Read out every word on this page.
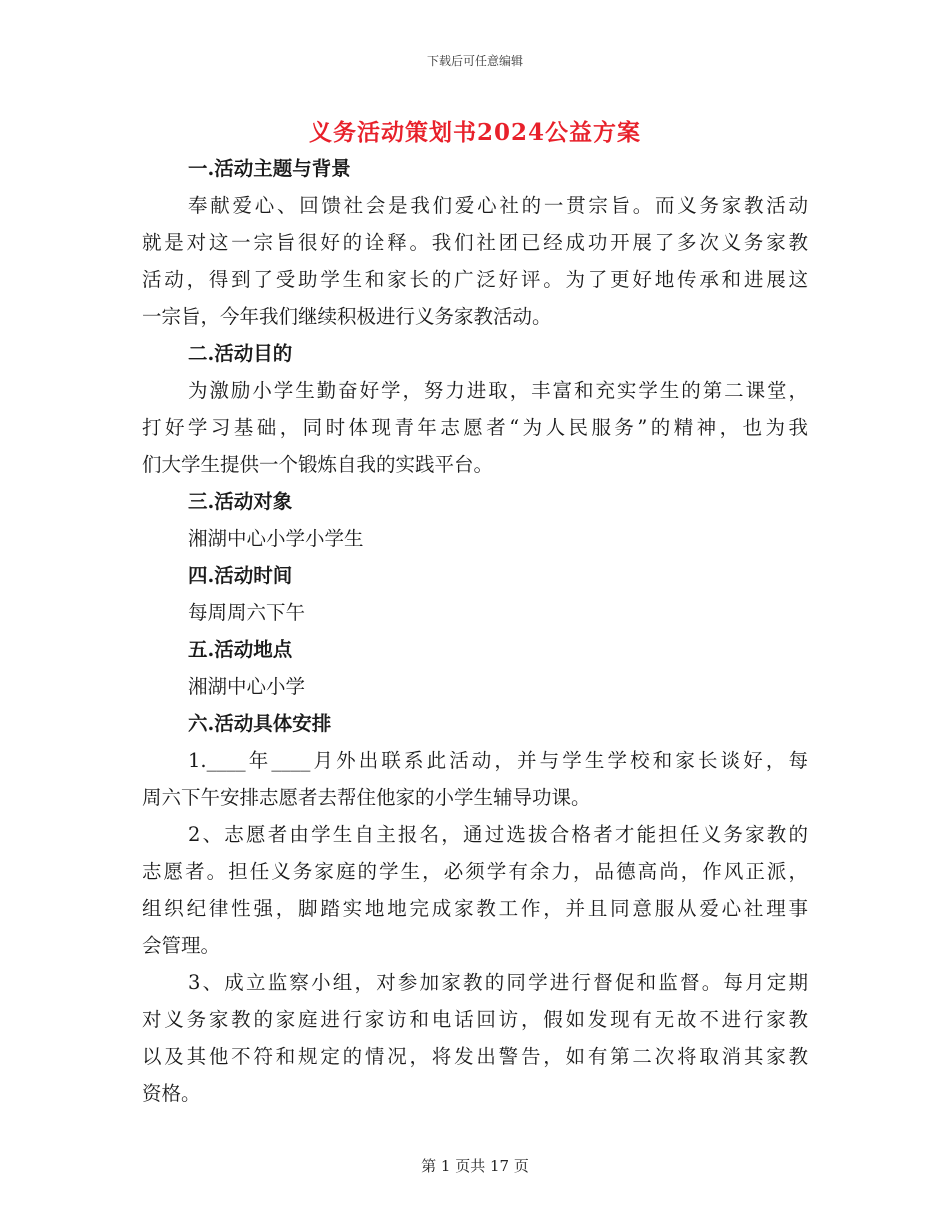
下载后可任意编辑
义务活动策划书2024公益方案
一.活动主题与背景
奉献爱心、回馈社会是我们爱心社的一贯宗旨。而义务家教活动
就是对这一宗旨很好的诠释。我们社团已经成功开展了多次义务家教
活动，得到了受助学生和家长的广泛好评。为了更好地传承和进展这
一宗旨，今年我们继续积极进行义务家教活动。
二.活动目的
为激励小学生勤奋好学，努力进取，丰富和充实学生的第二课堂，
打好学习基础，同时体现青年志愿者“为人民服务”的精神，也为我
们大学生提供一个锻炼自我的实践平台。
三.活动对象
湘湖中心小学小学生
四.活动时间
每周周六下午
五.活动地点
湘湖中心小学
六.活动具体安排
1.____年____月外出联系此活动，并与学生学校和家长谈好，每
周六下午安排志愿者去帮住他家的小学生辅导功课。
2、志愿者由学生自主报名，通过选拔合格者才能担任义务家教的
志愿者。担任义务家庭的学生，必须学有余力，品德高尚，作风正派，
组织纪律性强，脚踏实地地完成家教工作，并且同意服从爱心社理事
会管理。
3、成立监察小组，对参加家教的同学进行督促和监督。每月定期
对义务家教的家庭进行家访和电话回访，假如发现有无故不进行家教
以及其他不符和规定的情况，将发出警告，如有第二次将取消其家教
资格。
第 1 页共 17 页
